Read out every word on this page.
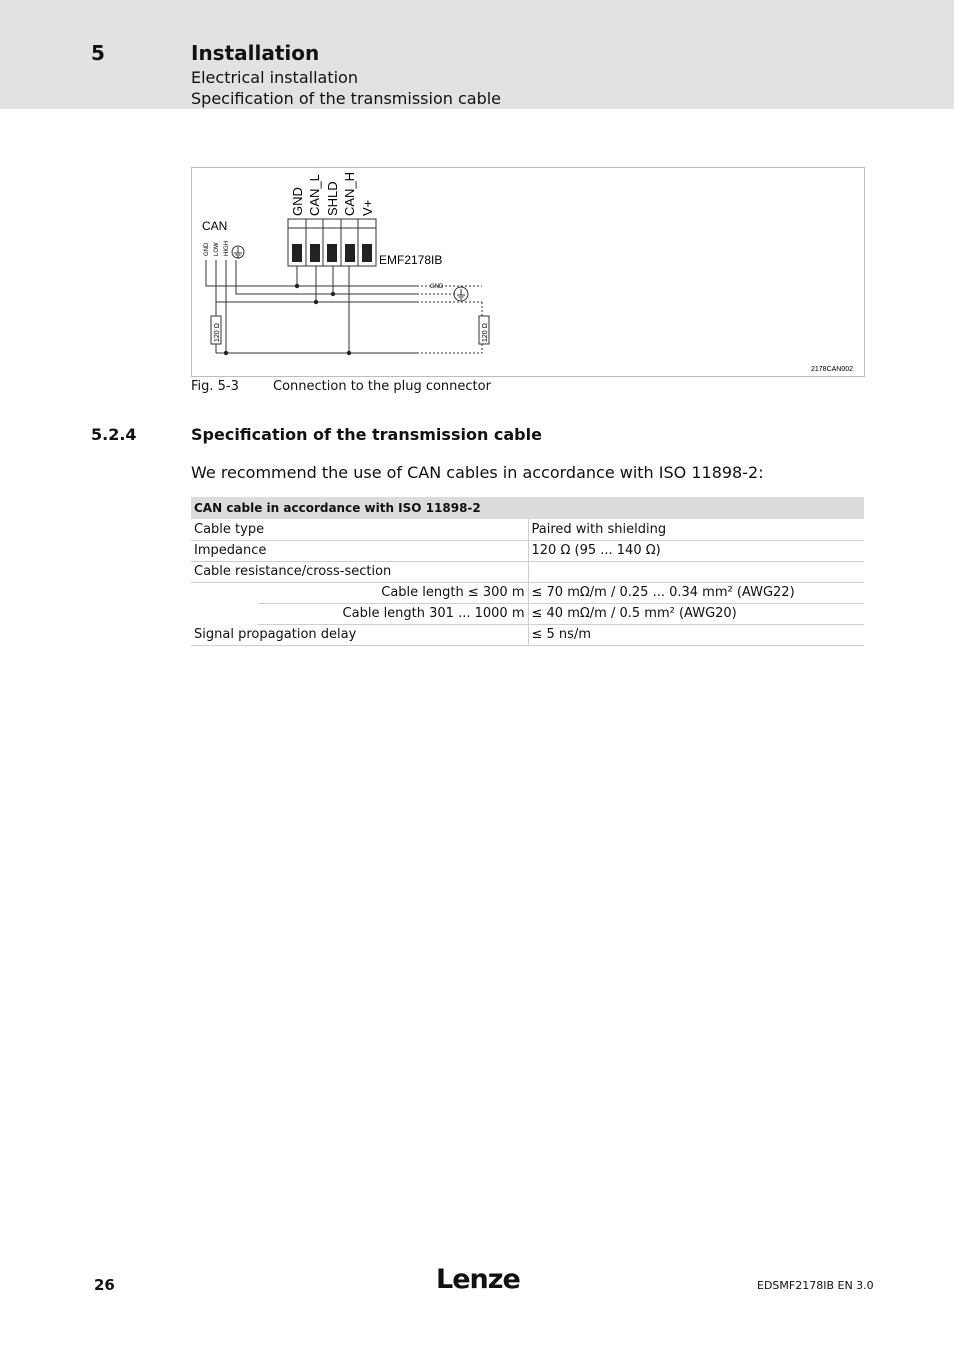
5	Installation
Electrical installation
Specification of the transmission cable
GND CAN_L SHLD CAN_H V+
EMF2178IB
CAN
GND LOW HIGH
120 Ω	120 Ω
GND
2178CAN002
Fig. 5-3	Connection to the plug connector
5.2.4	Specification of the transmission cable
We recommend the use of CAN cables in accordance with ISO 11898-2:
CAN cable in accordance with ISO 11898-2		
Cable type		Paired with shielding
Impedance		120 Ω (95 ... 140 Ω)
Cable resistance/cross-section		
	Cable length ≤ 300 m	≤ 70 mΩ/m / 0.25 ... 0.34 mm² (AWG22)
	Cable length 301 ... 1000 m	≤ 40 mΩ/m / 0.5 mm² (AWG20)
Signal propagation delay		≤ 5 ns/m
26	Lenze	EDSMF2178IB EN 3.0
